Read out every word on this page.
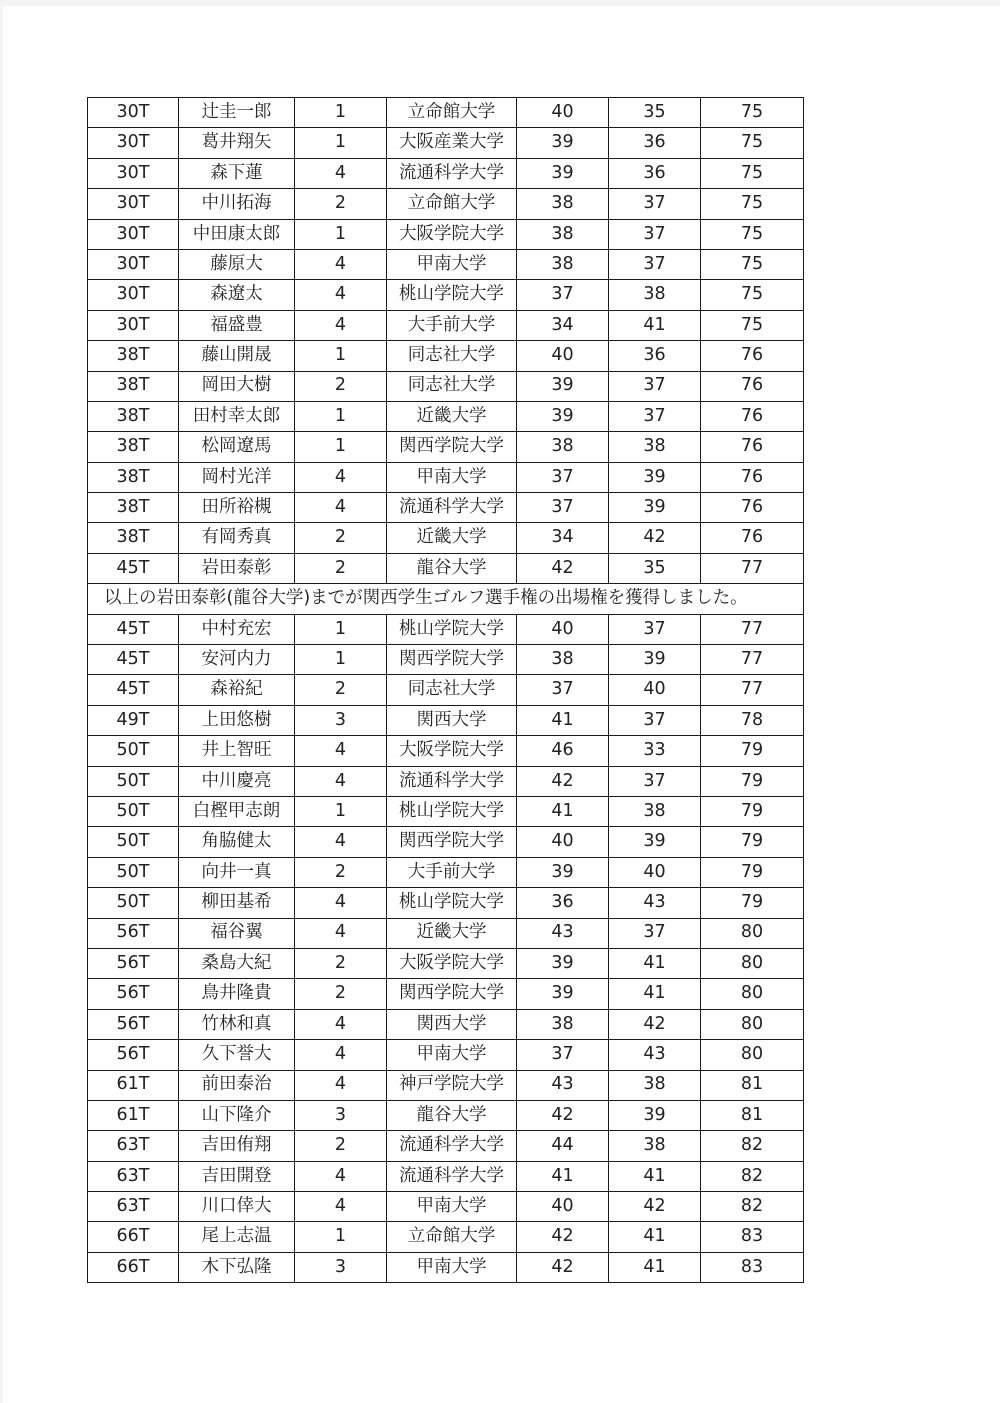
30T	辻圭一郎	1	立命館大学	40	35	75
30T	葛井翔矢	1	大阪産業大学	39	36	75
30T	森下蓮	4	流通科学大学	39	36	75
30T	中川拓海	2	立命館大学	38	37	75
30T	中田康太郎	1	大阪学院大学	38	37	75
30T	藤原大	4	甲南大学	38	37	75
30T	森遼太	4	桃山学院大学	37	38	75
30T	福盛豊	4	大手前大学	34	41	75
38T	藤山開晟	1	同志社大学	40	36	76
38T	岡田大樹	2	同志社大学	39	37	76
38T	田村幸太郎	1	近畿大学	39	37	76
38T	松岡遼馬	1	関西学院大学	38	38	76
38T	岡村光洋	4	甲南大学	37	39	76
38T	田所裕槻	4	流通科学大学	37	39	76
38T	有岡秀真	2	近畿大学	34	42	76
45T	岩田泰彰	2	龍谷大学	42	35	77
以上の岩田泰彰(龍谷大学)までが関西学生ゴルフ選手権の出場権を獲得しました。						
45T	中村充宏	1	桃山学院大学	40	37	77
45T	安河内力	1	関西学院大学	38	39	77
45T	森裕紀	2	同志社大学	37	40	77
49T	上田悠樹	3	関西大学	41	37	78
50T	井上智旺	4	大阪学院大学	46	33	79
50T	中川慶亮	4	流通科学大学	42	37	79
50T	白樫甲志朗	1	桃山学院大学	41	38	79
50T	角脇健太	4	関西学院大学	40	39	79
50T	向井一真	2	大手前大学	39	40	79
50T	柳田基希	4	桃山学院大学	36	43	79
56T	福谷翼	4	近畿大学	43	37	80
56T	桑島大紀	2	大阪学院大学	39	41	80
56T	鳥井隆貴	2	関西学院大学	39	41	80
56T	竹林和真	4	関西大学	38	42	80
56T	久下誉大	4	甲南大学	37	43	80
61T	前田泰治	4	神戸学院大学	43	38	81
61T	山下隆介	3	龍谷大学	42	39	81
63T	吉田侑翔	2	流通科学大学	44	38	82
63T	吉田開登	4	流通科学大学	41	41	82
63T	川口倖大	4	甲南大学	40	42	82
66T	尾上志温	1	立命館大学	42	41	83
66T	木下弘隆	3	甲南大学	42	41	83
